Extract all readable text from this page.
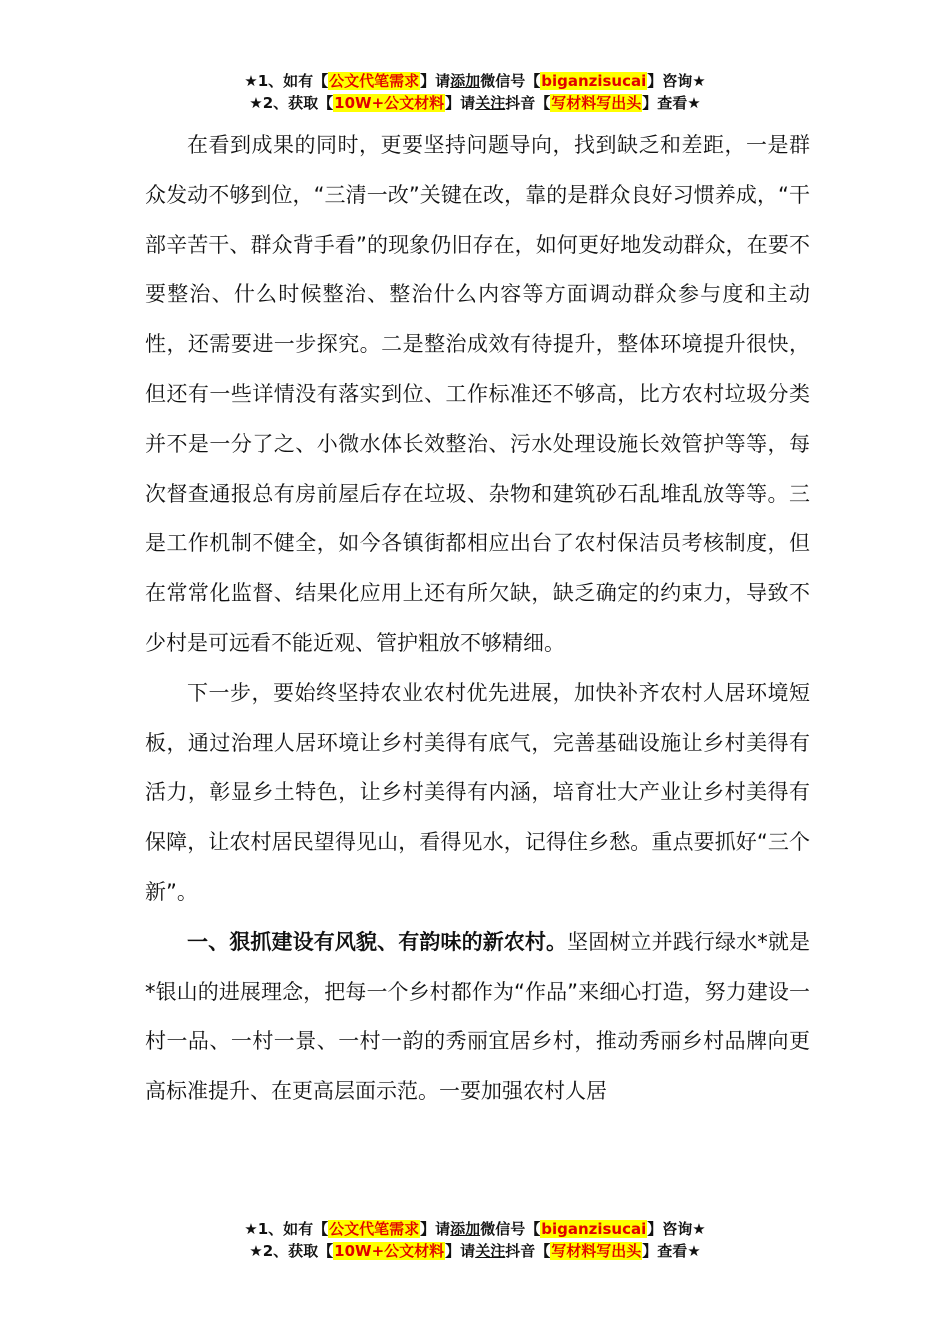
★1、如有【公文代笔需求】请添加微信号【biganzisucai】咨询★
★2、获取【10W+公文材料】请关注抖音【写材料写出头】查看★

在看到成果的同时，更要坚持问题导向，找到缺乏和差距，一是群众发动不够到位，“三清一改”关键在改，靠的是群众良好习惯养成，“干部辛苦干、群众背手看”的现象仍旧存在，如何更好地发动群众，在要不要整治、什么时候整治、整治什么内容等方面调动群众参与度和主动性，还需要进一步探究。二是整治成效有待提升，整体环境提升很快，但还有一些详情没有落实到位、工作标准还不够高，比方农村垃圾分类并不是一分了之、小微水体长效整治、污水处理设施长效管护等等，每次督查通报总有房前屋后存在垃圾、杂物和建筑砂石乱堆乱放等等。三是工作机制不健全，如今各镇街都相应出台了农村保洁员考核制度，但在常常化监督、结果化应用上还有所欠缺，缺乏确定的约束力，导致不少村是可远看不能近观、管护粗放不够精细。

下一步，要始终坚持农业农村优先进展，加快补齐农村人居环境短板，通过治理人居环境让乡村美得有底气，完善基础设施让乡村美得有活力，彰显乡土特色，让乡村美得有内涵，培育壮大产业让乡村美得有保障，让农村居民望得见山，看得见水，记得住乡愁。重点要抓好“三个新”。

一、狠抓建设有风貌、有韵味的新农村。坚固树立并践行绿水*就是*银山的进展理念，把每一个乡村都作为“作品”来细心打造，努力建设一村一品、一村一景、一村一韵的秀丽宜居乡村，推动秀丽乡村品牌向更高标准提升、在更高层面示范。一要加强农村人居

★1、如有【公文代笔需求】请添加微信号【biganzisucai】咨询★
★2、获取【10W+公文材料】请关注抖音【写材料写出头】查看★
